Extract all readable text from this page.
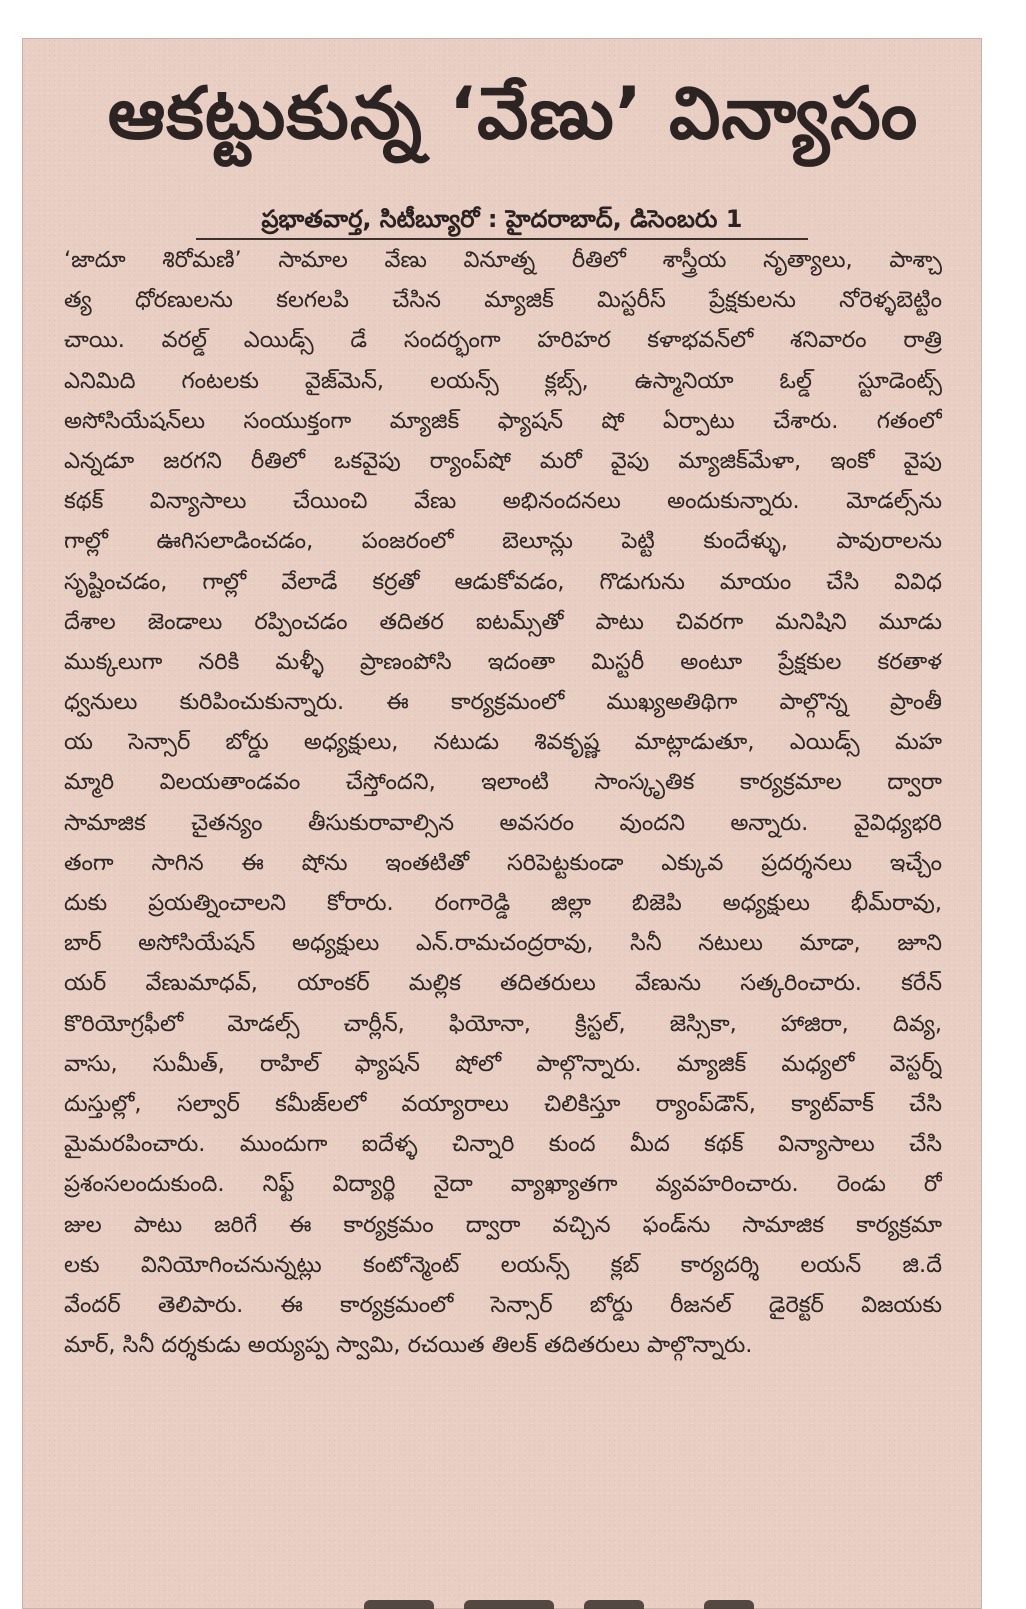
ఆకట్టుకున్న ‘వేణు’ విన్యాసం
ప్రభాతవార్త, సిటీబ్యూరో : హైదరాబాద్, డిసెంబరు 1
‘జాదూ శిరోమణి’ సామాల వేణు వినూత్న రీతిలో శాస్త్రీయ నృత్యాలు, పాశ్చా
త్య ధోరణులను కలగలపి చేసిన మ్యాజిక్ మిస్టరీస్ ప్రేక్షకులను నోరెళ్ళబెట్టిం
చాయి. వరల్డ్ ఎయిడ్స్ డే సందర్భంగా హరిహర కళాభవన్‌లో శనివారం రాత్రి
ఎనిమిది గంటలకు వైజ్‌మెన్, లయన్స్ క్లబ్స్, ఉస్మానియా ఓల్డ్ స్టూడెంట్స్
అసోసియేషన్‌లు సంయుక్తంగా మ్యాజిక్ ఫ్యాషన్ షో ఏర్పాటు చేశారు. గతంలో
ఎన్నడూ జరగని రీతిలో ఒకవైపు ర్యాంప్‌షో మరో వైపు మ్యాజిక్‌మేళా, ఇంకో వైపు
కథక్ విన్యాసాలు చేయించి వేణు అభినందనలు అందుకున్నారు. మోడల్స్‌ను
గాల్లో ఊగిసలాడించడం, పంజరంలో బెలూన్లు పెట్టి కుందేళ్ళు, పావురాలను
సృష్టించడం, గాల్లో వేలాడే కర్రతో ఆడుకోవడం, గొడుగును మాయం చేసి వివిధ
దేశాల జెండాలు రప్పించడం తదితర ఐటమ్స్‌తో పాటు చివరగా మనిషిని మూడు
ముక్కలుగా నరికి మళ్ళీ ప్రాణంపోసి ఇదంతా మిస్టరీ అంటూ ప్రేక్షకుల కరతాళ
ధ్వనులు కురిపించుకున్నారు. ఈ కార్యక్రమంలో ముఖ్యఅతిథిగా పాల్గొన్న ప్రాంతీ
య సెన్సార్ బోర్డు అధ్యక్షులు, నటుడు శివకృష్ణ మాట్లాడుతూ, ఎయిడ్స్ మహ
మ్మారి విలయతాండవం చేస్తోందని, ఇలాంటి సాంస్కృతిక కార్యక్రమాల ద్వారా
సామాజిక చైతన్యం తీసుకురావాల్సిన అవసరం వుందని అన్నారు. వైవిధ్యభరి
తంగా సాగిన ఈ షోను ఇంతటితో సరిపెట్టకుండా ఎక్కువ ప్రదర్శనలు ఇచ్చేం
దుకు ప్రయత్నించాలని కోరారు. రంగారెడ్డి జిల్లా బిజెపి అధ్యక్షులు భీమ్‌రావు,
బార్ అసోసియేషన్ అధ్యక్షులు ఎన్.రామచంద్రరావు, సినీ నటులు మాడా, జూని
యర్ వేణుమాధవ్, యాంకర్ మల్లిక తదితరులు వేణును సత్కరించారు. కరేన్
కొరియోగ్రఫీలో మోడల్స్ చార్లీన్, ఫియోనా, క్రిస్టల్, జెస్సికా, హాజిరా, దివ్య,
వాసు, సుమీత్, రాహిల్ ఫ్యాషన్ షోలో పాల్గొన్నారు. మ్యాజిక్ మధ్యలో వెస్టర్న్
దుస్తుల్లో, సల్వార్ కమీజ్‌లలో వయ్యారాలు చిలికిస్తూ ర్యాంప్‌డౌన్, క్యాట్‌వాక్ చేసి
మైమరపించారు. ముందుగా ఐదేళ్ళ చిన్నారి కుంద మీద కథక్ విన్యాసాలు చేసి
ప్రశంసలందుకుంది. నిఫ్ట్ విద్యార్థి నైదా వ్యాఖ్యాతగా వ్యవహరించారు. రెండు రో
జుల పాటు జరిగే ఈ కార్యక్రమం ద్వారా వచ్చిన ఫండ్‌ను సామాజిక కార్యక్రమా
లకు వినియోగించనున్నట్లు కంటోన్మెంట్ లయన్స్ క్లబ్ కార్యదర్శి లయన్ జి.దే
వేందర్ తెలిపారు. ఈ కార్యక్రమంలో సెన్సార్ బోర్డు రీజనల్ డైరెక్టర్ విజయకు
మార్, సినీ దర్శకుడు అయ్యప్ప స్వామి, రచయిత తిలక్ తదితరులు పాల్గొన్నారు.
